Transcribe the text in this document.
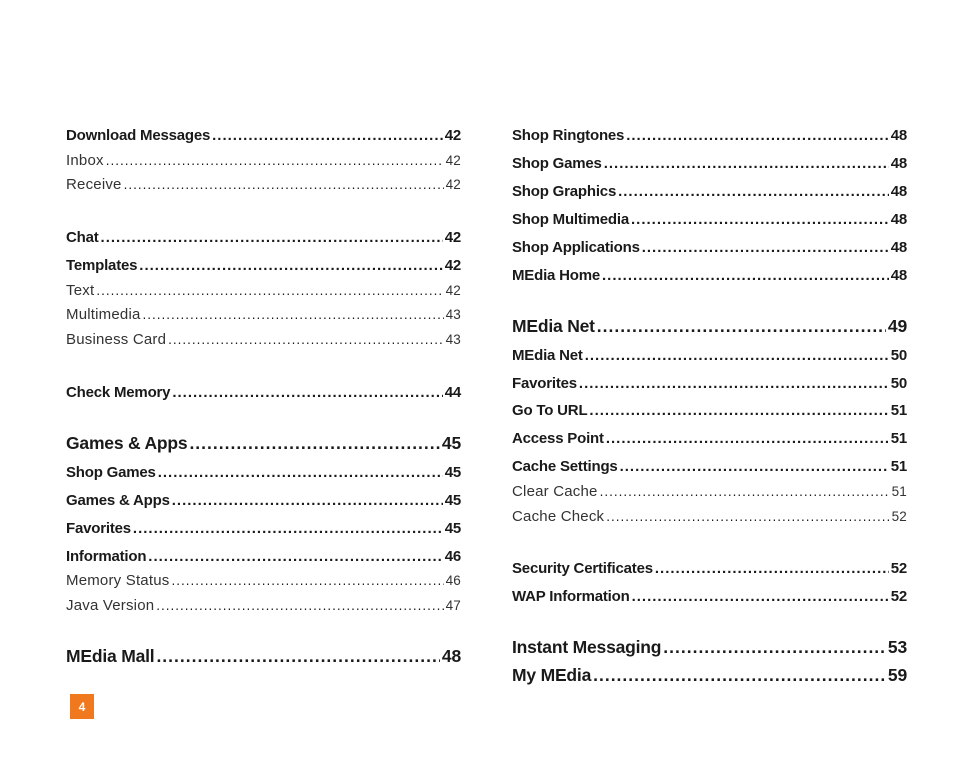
Download Messages .....	42
Inbox .....	42
Receive .....	42
Chat .....	42
Templates .....	42
Text .....	42
Multimedia .....	43
Business Card .....	43
Check Memory .....	44
Games & Apps .....	45
Shop Games .....	45
Games & Apps .....	45
Favorites .....	45
Information .....	46
Memory Status .....	46
Java Version .....	47
MEdia Mall .....	48
Shop Ringtones .....	48
Shop Games .....	48
Shop Graphics .....	48
Shop Multimedia .....	48
Shop Applications .....	48
MEdia Home .....	48
MEdia Net .....	49
MEdia Net .....	50
Favorites .....	50
Go To URL .....	51
Access Point .....	51
Cache Settings .....	51
Clear Cache .....	51
Cache Check .....	52
Security Certificates .....	52
WAP Information .....	52
Instant Messaging .....	53
My MEdia .....	59
4
